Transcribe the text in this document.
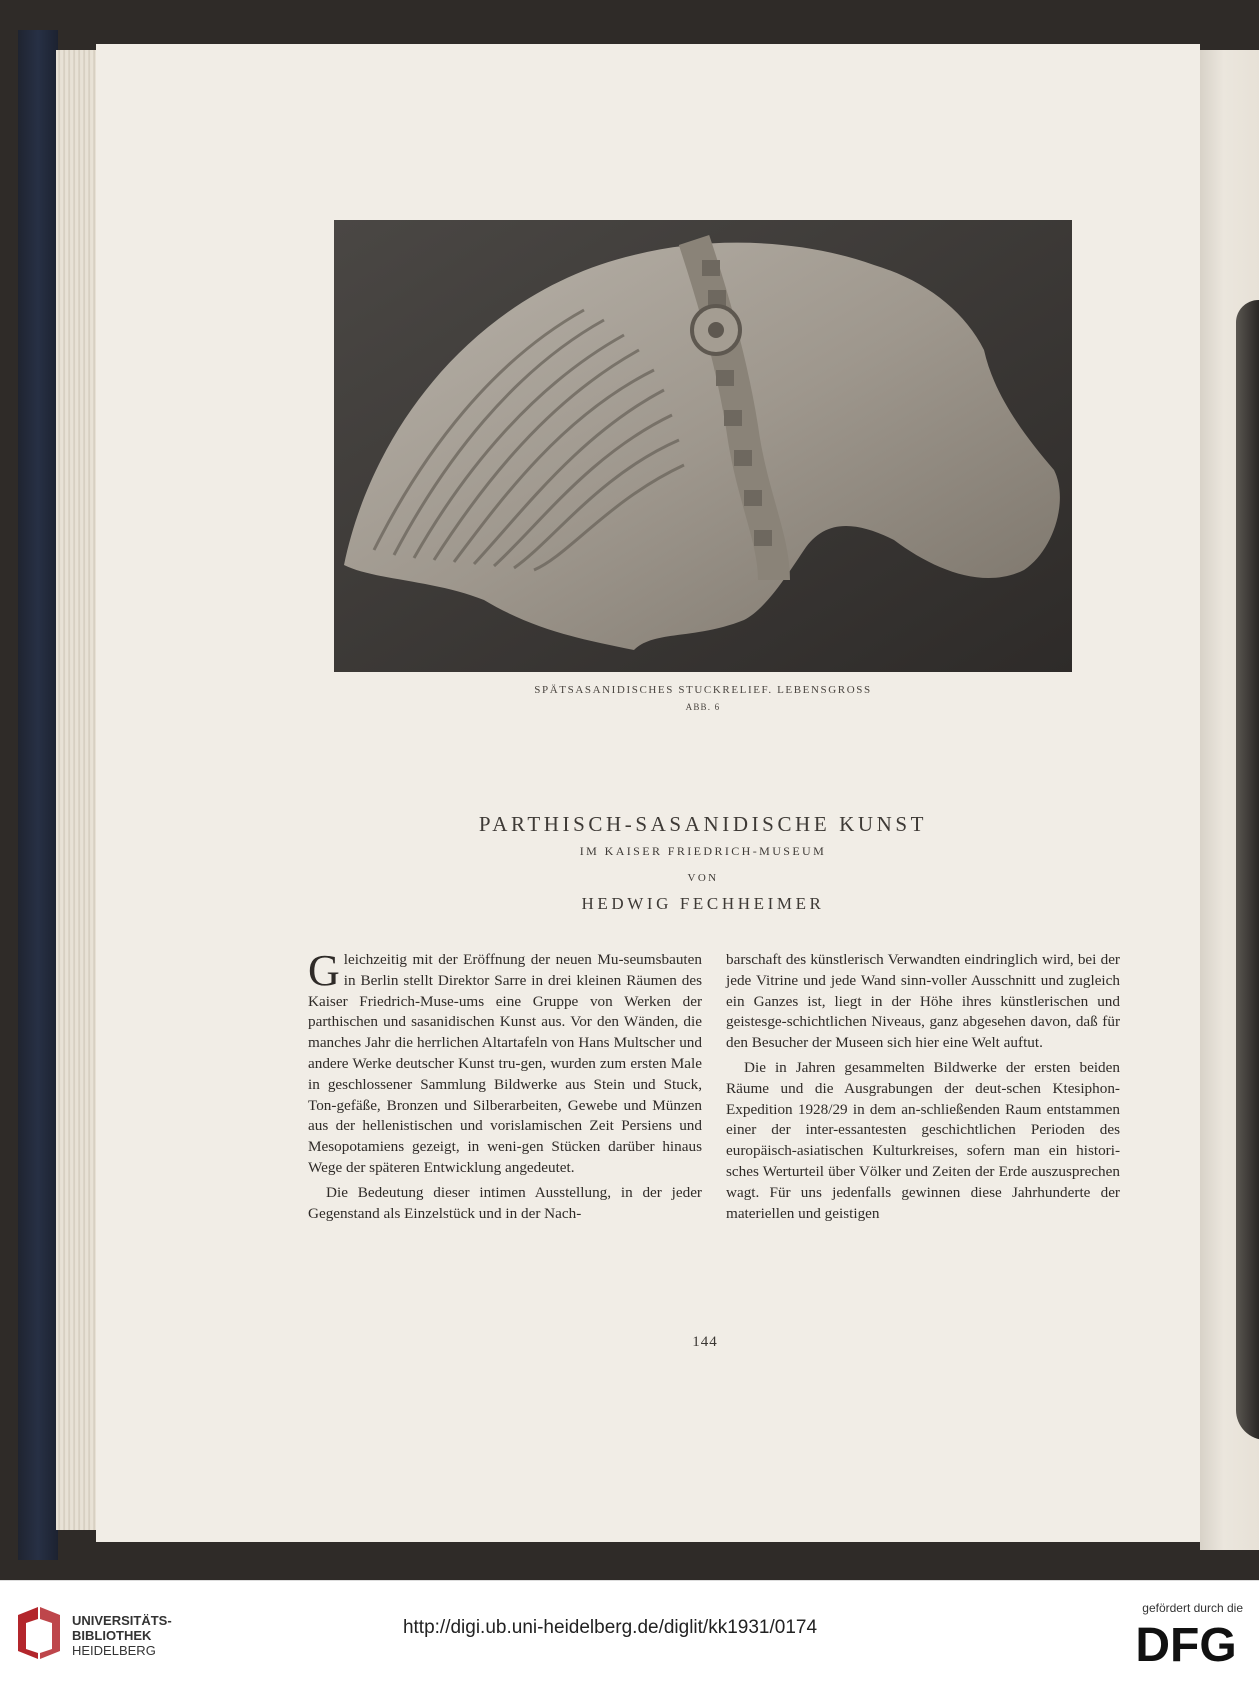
SPÄTSASANIDISCHES STUCKRELIEF. LEBENSGROSS
ABB. 6
PARTHISCH-SASANIDISCHE KUNST
IM KAISER FRIEDRICH-MUSEUM
VON
HEDWIG FECHHEIMER

Gleichzeitig mit der Eröffnung der neuen Mu-seumsbauten in Berlin stellt Direktor Sarre in drei kleinen Räumen des Kaiser Friedrich-Muse-ums eine Gruppe von Werken der parthischen und sasanidischen Kunst aus. Vor den Wänden, die manches Jahr die herrlichen Altartafeln von Hans Multscher und andere Werke deutscher Kunst tru-gen, wurden zum ersten Male in geschlossener Sammlung Bildwerke aus Stein und Stuck, Ton-gefäße, Bronzen und Silberarbeiten, Gewebe und Münzen aus der hellenistischen und vorislamischen Zeit Persiens und Mesopotamiens gezeigt, in weni-gen Stücken darüber hinaus Wege der späteren Entwicklung angedeutet.

Die Bedeutung dieser intimen Ausstellung, in der jeder Gegenstand als Einzelstück und in der Nach-

barschaft des künstlerisch Verwandten eindringlich wird, bei der jede Vitrine und jede Wand sinn-voller Ausschnitt und zugleich ein Ganzes ist, liegt in der Höhe ihres künstlerischen und geistesge-schichtlichen Niveaus, ganz abgesehen davon, daß für den Besucher der Museen sich hier eine Welt auftut.

Die in Jahren gesammelten Bildwerke der ersten beiden Räume und die Ausgrabungen der deut-schen Ktesiphon-Expedition 1928/29 in dem an-schließenden Raum entstammen einer der inter-essantesten geschichtlichen Perioden des europäisch-asiatischen Kulturkreises, sofern man ein histori-sches Werturteil über Völker und Zeiten der Erde auszusprechen wagt. Für uns jedenfalls gewinnen diese Jahrhunderte der materiellen und geistigen

144
UNIVERSITÄTS-
BIBLIOTHEK
HEIDELBERG
http://digi.ub.uni-heidelberg.de/diglit/kk1931/0174
gefördert durch die
DFG
